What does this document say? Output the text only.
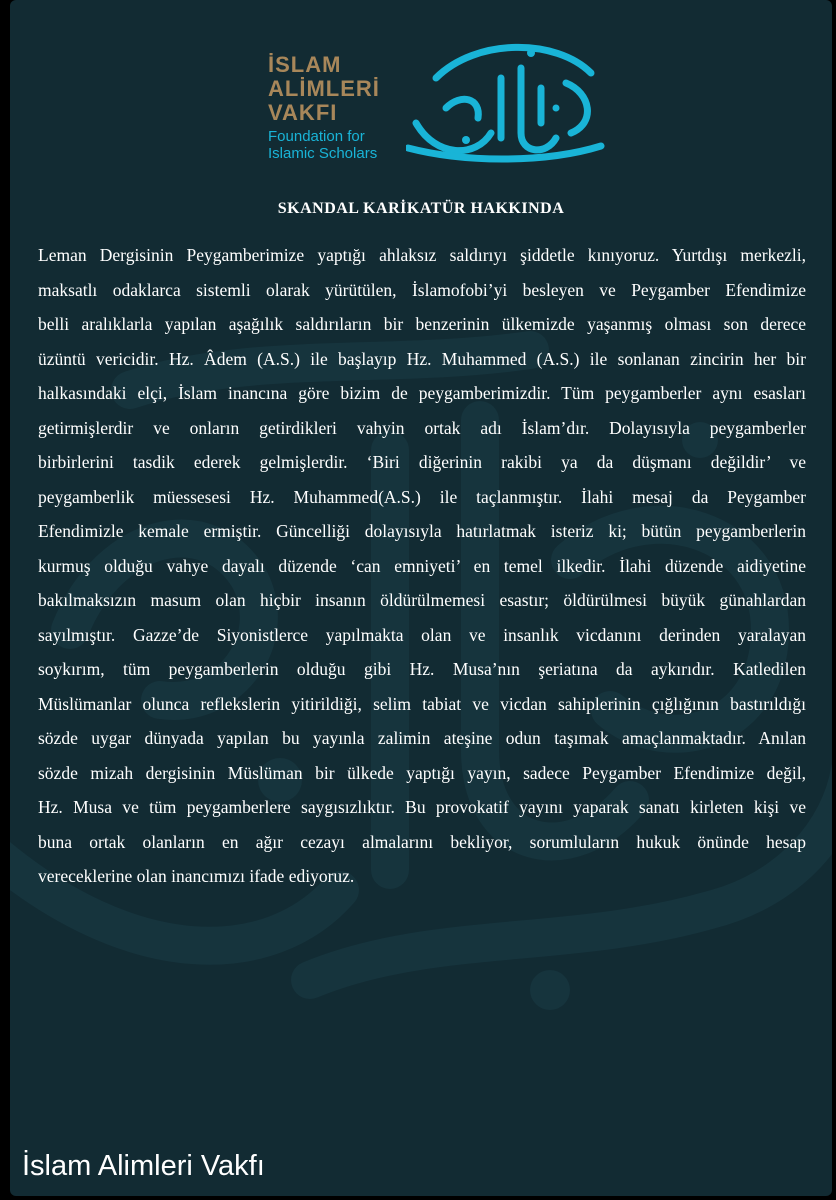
İSLAM

ALİMLERİ

VAKFI

Foundation for

Islamic Scholars

SKANDAL KARİKATÜR HAKKINDA
Leman Dergisinin Peygamberimize yaptığı ahlaksız saldırıyı şiddetle kınıyoruz. Yurtdışı merkezli,
maksatlı odaklarca sistemli olarak yürütülen, İslamofobi’yi besleyen ve Peygamber Efendimize
belli aralıklarla yapılan aşağılık saldırıların bir benzerinin ülkemizde yaşanmış olması son derece
üzüntü vericidir. Hz. Âdem (A.S.) ile başlayıp Hz. Muhammed (A.S.) ile sonlanan zincirin her bir
halkasındaki elçi, İslam inancına göre bizim de peygamberimizdir. Tüm peygamberler aynı esasları
getirmişlerdir ve onların getirdikleri vahyin ortak adı İslam’dır. Dolayısıyla peygamberler
birbirlerini tasdik ederek gelmişlerdir. ‘Biri diğerinin rakibi ya da düşmanı değildir’ ve
peygamberlik müessesesi Hz. Muhammed(A.S.) ile taçlanmıştır. İlahi mesaj da Peygamber
Efendimizle kemale ermiştir. Güncelliği dolayısıyla hatırlatmak isteriz ki; bütün peygamberlerin
kurmuş olduğu vahye dayalı düzende ‘can emniyeti’ en temel ilkedir. İlahi düzende aidiyetine
bakılmaksızın masum olan hiçbir insanın öldürülmemesi esastır; öldürülmesi büyük günahlardan
sayılmıştır. Gazze’de Siyonistlerce yapılmakta olan ve insanlık vicdanını derinden yaralayan
soykırım, tüm peygamberlerin olduğu gibi Hz. Musa’nın şeriatına da aykırıdır. Katledilen
Müslümanlar olunca reflekslerin yitirildiği, selim tabiat ve vicdan sahiplerinin çığlığının bastırıldığı
sözde uygar dünyada yapılan bu yayınla zalimin ateşine odun taşımak amaçlanmaktadır. Anılan
sözde mizah dergisinin Müslüman bir ülkede yaptığı yayın, sadece Peygamber Efendimize değil,
Hz. Musa ve tüm peygamberlere saygısızlıktır. Bu provokatif yayını yaparak sanatı kirleten kişi ve
buna ortak olanların en ağır cezayı almalarını bekliyor, sorumluların hukuk önünde hesap
vereceklerine olan inancımızı ifade ediyoruz.

İslam Alimleri Vakfı
